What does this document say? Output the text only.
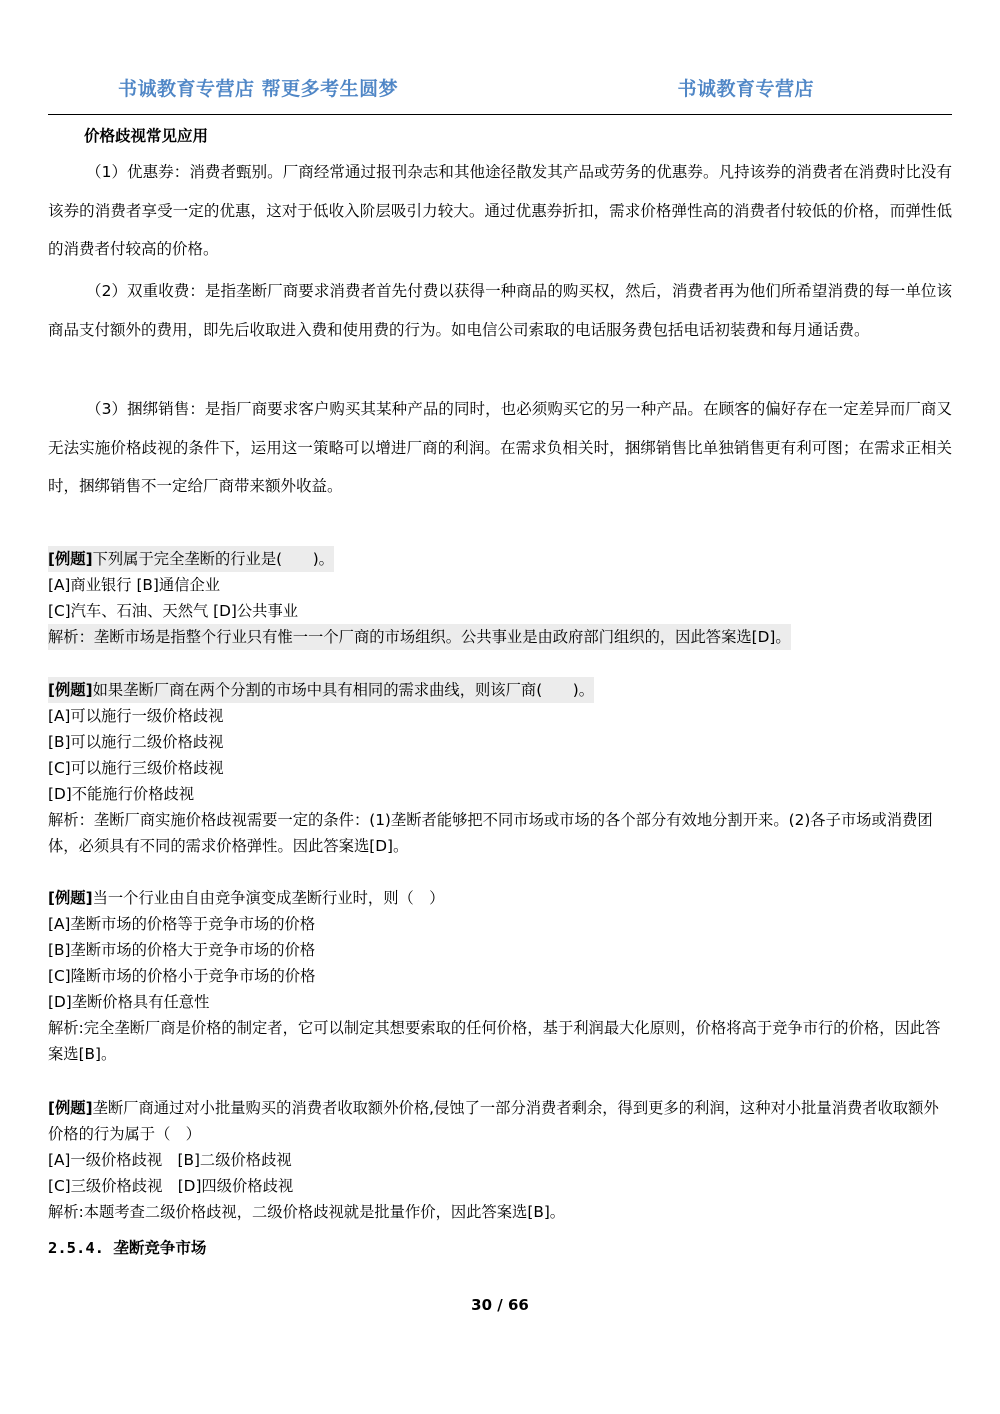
书诚教育专营店 帮更多考生圆梦	书诚教育专营店
价格歧视常见应用
（1）优惠券：消费者甄别。厂商经常通过报刊杂志和其他途径散发其产品或劳务的优惠券。凡持该券的消费者在消费时比没有该券的消费者享受一定的优惠，这对于低收入阶层吸引力较大。通过优惠券折扣，需求价格弹性高的消费者付较低的价格，而弹性低的消费者付较高的价格。
（2）双重收费：是指垄断厂商要求消费者首先付费以获得一种商品的购买权，然后，消费者再为他们所希望消费的每一单位该商品支付额外的费用，即先后收取进入费和使用费的行为。如电信公司索取的电话服务费包括电话初装费和每月通话费。
（3）捆绑销售：是指厂商要求客户购买其某种产品的同时，也必须购买它的另一种产品。在顾客的偏好存在一定差异而厂商又无法实施价格歧视的条件下，运用这一策略可以增进厂商的利润。在需求负相关时，捆绑销售比单独销售更有利可图；在需求正相关时，捆绑销售不一定给厂商带来额外收益。
[例题]下列属于完全垄断的行业是(　　)。
[A]商业银行 [B]通信企业
[C]汽车、石油、天然气 [D]公共事业
解析：垄断市场是指整个行业只有惟一一个厂商的市场组织。公共事业是由政府部门组织的，因此答案选[D]。
[例题]如果垄断厂商在两个分割的市场中具有相同的需求曲线，则该厂商(　　)。
[A]可以施行一级价格歧视
[B]可以施行二级价格歧视
[C]可以施行三级价格歧视
[D]不能施行价格歧视
解析：垄断厂商实施价格歧视需要一定的条件：(1)垄断者能够把不同市场或市场的各个部分有效地分割开来。(2)各子市场或消费团体，必须具有不同的需求价格弹性。因此答案选[D]。
[例题]当一个行业由自由竞争演变成垄断行业时，则（　）
[A]垄断市场的价格等于竞争市场的价格
[B]垄断市场的价格大于竞争市场的价格
[C]隆断市场的价格小于竞争市场的价格
[D]垄断价格具有任意性
解析:完全垄断厂商是价格的制定者，它可以制定其想要索取的任何价格，基于利润最大化原则，价格将高于竞争市行的价格，因此答案选[B]。
[例题]垄断厂商通过对小批量购买的消费者收取额外价格,侵蚀了一部分消费者剩余，得到更多的利润，这种对小批量消费者收取额外价格的行为属于（　）
[A]一级价格歧视　[B]二级价格歧视
[C]三级价格歧视　[D]四级价格歧视
解析:本题考查二级价格歧视，二级价格歧视就是批量作价，因此答案选[B]。
2.5.4. 垄断竞争市场
30 / 66
